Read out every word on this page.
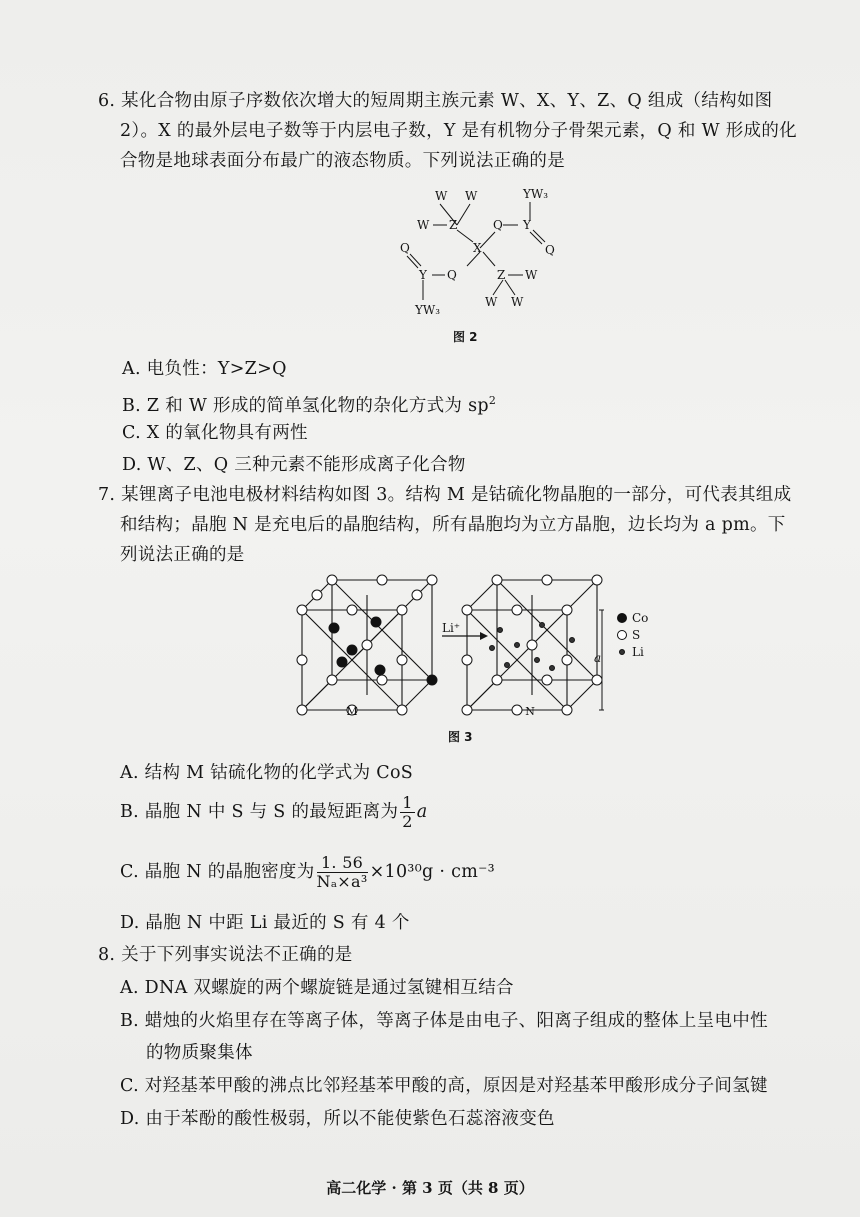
6. 某化合物由原子序数依次增大的短周期主族元素 W、X、Y、Z、Q 组成（结构如图
2）。X 的最外层电子数等于内层电子数，Y 是有机物分子骨架元素，Q 和 W 形成的化
合物是地球表面分布最广的液态物质。下列说法正确的是
W W
W Z
X
Q Y
YW₃
Q
Q
Y Q	Z W
W W
YW₃
图 2
A. 电负性：Y>Z>Q
B. Z 和 W 形成的简单氢化物的杂化方式为 $sp^2$
C. X 的氧化物具有两性
D. W、Z、Q 三种元素不能形成离子化合物
7. 某锂离子电池电极材料结构如图 3。结构 M 是钴硫化物晶胞的一部分，可代表其组成
和结构；晶胞 N 是充电后的晶胞结构，所有晶胞均为立方晶胞，边长均为 a pm。下
列说法正确的是
M
Li⁺
N
a
Co
S
Li
图 3
A. 结构 M 钴硫化物的化学式为 CoS
B. 晶胞 N 中 S 与 S 的最短距离为 $\frac{1}{2}$ a
C. 晶胞 N 的晶胞密度为 $\frac{1. 56}{\text{Nₐ×a³}} \times 10^{30}g \cdot cm^{-3}$
D. 晶胞 N 中距 Li 最近的 S 有 4 个
8. 关于下列事实说法不正确的是
A. DNA 双螺旋的两个螺旋链是通过氢键相互结合
B. 蜡烛的火焰里存在等离子体，等离子体是由电子、阳离子组成的整体上呈电中性
的物质聚集体
C. 对羟基苯甲酸的沸点比邻羟基苯甲酸的高，原因是对羟基苯甲酸形成分子间氢键
D. 由于苯酚的酸性极弱，所以不能使紫色石蕊溶液变色
高二化学 · 第 3 页（共 8 页）
